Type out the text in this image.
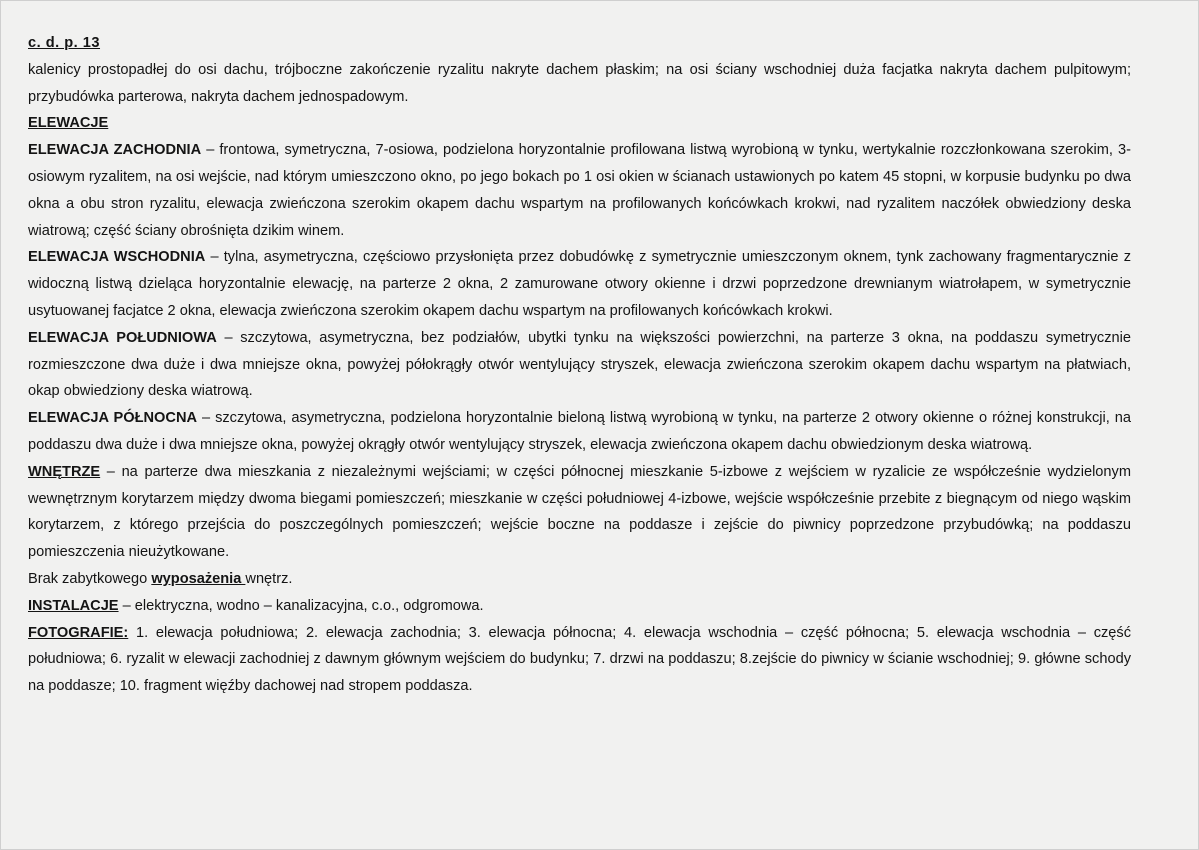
c. d. p. 13

kalenicy prostopadłej do osi dachu, trójboczne zakończenie ryzalitu nakryte dachem płaskim; na osi ściany wschodniej duża facjatka nakryta dachem pulpitowym; przybudówka parterowa, nakryta dachem jednospadowym.

ELEWACJE

ELEWACJA ZACHODNIA – frontowa, symetryczna, 7-osiowa, podzielona horyzontalnie profilowana listwą wyrobioną w tynku, wertykalnie rozczłonkowana szerokim, 3-osiowym ryzalitem, na osi wejście, nad którym umieszczono okno, po jego bokach po 1 osi okien w ścianach ustawionych po katem 45 stopni, w korpusie budynku po dwa okna a obu stron ryzalitu, elewacja zwieńczona szerokim okapem dachu wspartym na profilowanych końcówkach krokwi, nad ryzalitem naczółek obwiedziony deska wiatrową; część ściany obrośnięta dzikim winem.

ELEWACJA WSCHODNIA – tylna, asymetryczna, częściowo przysłonięta przez dobudówkę z symetrycznie umieszczonym oknem, tynk zachowany fragmentarycznie z widoczną listwą dzieląca horyzontalnie elewację, na parterze 2 okna, 2 zamurowane otwory okienne i drzwi poprzedzone drewnianym wiatrołapem, w symetrycznie usytuowanej facjatce 2 okna, elewacja zwieńczona szerokim okapem dachu wspartym na profilowanych końcówkach krokwi.

ELEWACJA POŁUDNIOWA – szczytowa, asymetryczna, bez podziałów, ubytki tynku na większości powierzchni, na parterze 3 okna, na poddaszu symetrycznie rozmieszczone dwa duże i dwa mniejsze okna, powyżej półokrągły otwór wentylujący stryszek, elewacja zwieńczona szerokim okapem dachu wspartym na płatwiach, okap obwiedziony deska wiatrową.

ELEWACJA PÓŁNOCNA – szczytowa, asymetryczna, podzielona horyzontalnie bieloną listwą wyrobioną w tynku, na parterze 2 otwory okienne o różnej konstrukcji, na poddaszu dwa duże i dwa mniejsze okna, powyżej okrągły otwór wentylujący stryszek, elewacja zwieńczona okapem dachu obwiedzionym deska wiatrową.

WNĘTRZE – na parterze dwa mieszkania z niezależnymi wejściami; w części północnej mieszkanie 5-izbowe z wejściem w ryzalicie ze współcześnie wydzielonym wewnętrznym korytarzem między dwoma biegami pomieszczeń; mieszkanie w części południowej 4-izbowe, wejście współcześnie przebite z biegnącym od niego wąskim korytarzem, z którego przejścia do poszczególnych pomieszczeń; wejście boczne na poddasze i zejście do piwnicy poprzedzone przybudówką; na poddaszu pomieszczenia nieużytkowane.

Brak zabytkowego wyposażenia wnętrz.

INSTALACJE – elektryczna, wodno – kanalizacyjna, c.o., odgromowa.

FOTOGRAFIE: 1. elewacja południowa; 2. elewacja zachodnia; 3. elewacja północna; 4. elewacja wschodnia – część północna; 5. elewacja wschodnia – część południowa; 6. ryzalit w elewacji zachodniej z dawnym głównym wejściem do budynku; 7. drzwi na poddaszu; 8.zejście do piwnicy w ścianie wschodniej; 9. główne schody na poddasze; 10. fragment więźby dachowej nad stropem poddasza.
